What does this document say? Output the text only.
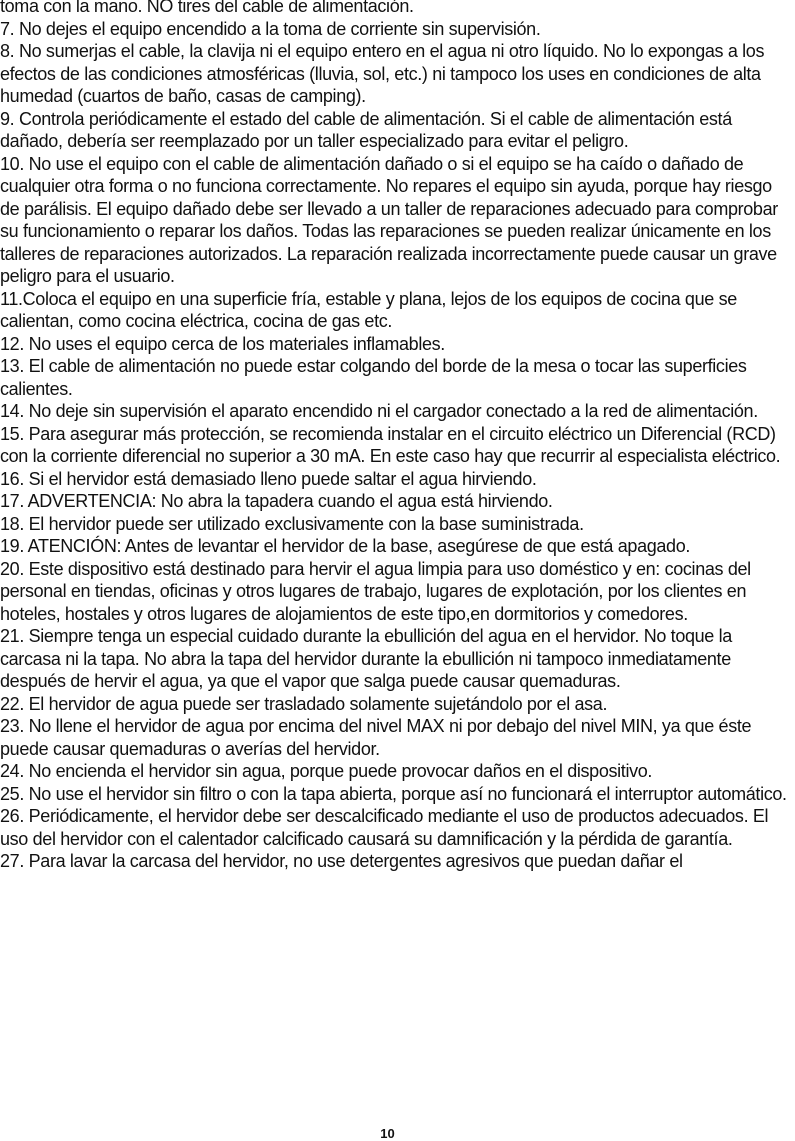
toma con la mano. NO tires del cable de alimentación.

7. No dejes el equipo encendido a la toma de corriente sin supervisión.

8. No sumerjas el cable, la clavija ni el equipo entero en el agua ni otro líquido. No lo expongas a los efectos de las condiciones atmosféricas (lluvia, sol, etc.) ni tampoco los uses en condiciones de alta humedad (cuartos de baño, casas de camping).

9. Controla periódicamente el estado del cable de alimentación. Si el cable de alimentación está dañado, debería ser reemplazado por un taller especializado para evitar el peligro.

10. No use el equipo con el cable de alimentación dañado o si el equipo se ha caído o dañado de cualquier otra forma o no funciona correctamente. No repares el equipo sin ayuda, porque hay riesgo de parálisis. El equipo dañado debe ser llevado a un taller de reparaciones adecuado para comprobar su funcionamiento o reparar los daños. Todas las reparaciones se pueden realizar únicamente en los talleres de reparaciones autorizados. La reparación realizada incorrectamente puede causar un grave peligro para el usuario.

11.Coloca el equipo en una superficie fría, estable y plana, lejos de los equipos de cocina que se calientan, como cocina eléctrica, cocina de gas etc.

12. No uses el equipo cerca de los materiales inflamables.

13. El cable de alimentación no puede estar colgando del borde de la mesa o tocar las superficies calientes.

14. No deje sin supervisión el aparato encendido ni el cargador conectado a la red de alimentación.

15. Para asegurar más protección, se recomienda instalar en el circuito eléctrico un Diferencial (RCD) con la corriente diferencial no superior a 30 mA. En este caso hay que recurrir al especialista eléctrico.

16. Si el hervidor está demasiado lleno puede saltar el agua hirviendo.

17. ADVERTENCIA: No abra la tapadera cuando el agua está hirviendo.

18. El hervidor puede ser utilizado exclusivamente con la base suministrada.

19. ATENCIÓN: Antes de levantar el hervidor de la base, asegúrese de que está apagado.

20. Este dispositivo está destinado para hervir el agua limpia para uso doméstico y en: cocinas del personal en tiendas, oficinas y otros lugares de trabajo, lugares de explotación, por los clientes en hoteles, hostales y otros lugares de alojamientos de este tipo,en dormitorios y comedores.

21. Siempre tenga un especial cuidado durante la ebullición del agua en el hervidor. No toque la carcasa ni la tapa. No abra la tapa del hervidor durante la ebullición ni tampoco inmediatamente después de hervir el agua, ya que el vapor que salga puede causar quemaduras.

22. El hervidor de agua puede ser trasladado solamente sujetándolo por el asa.

23. No llene el hervidor de agua por encima del nivel MAX ni por debajo del nivel MIN, ya que éste puede causar quemaduras o averías del hervidor.

24. No encienda el hervidor sin agua, porque puede provocar daños en el dispositivo.

25. No use el hervidor sin filtro o con la tapa abierta, porque así no funcionará el interruptor automático.

26. Periódicamente, el hervidor debe ser descalcificado mediante el uso de productos adecuados. El uso del hervidor con el calentador calcificado causará su damnificación y la pérdida de garantía.

27. Para lavar la carcasa del hervidor, no use detergentes agresivos que puedan dañar el

10
